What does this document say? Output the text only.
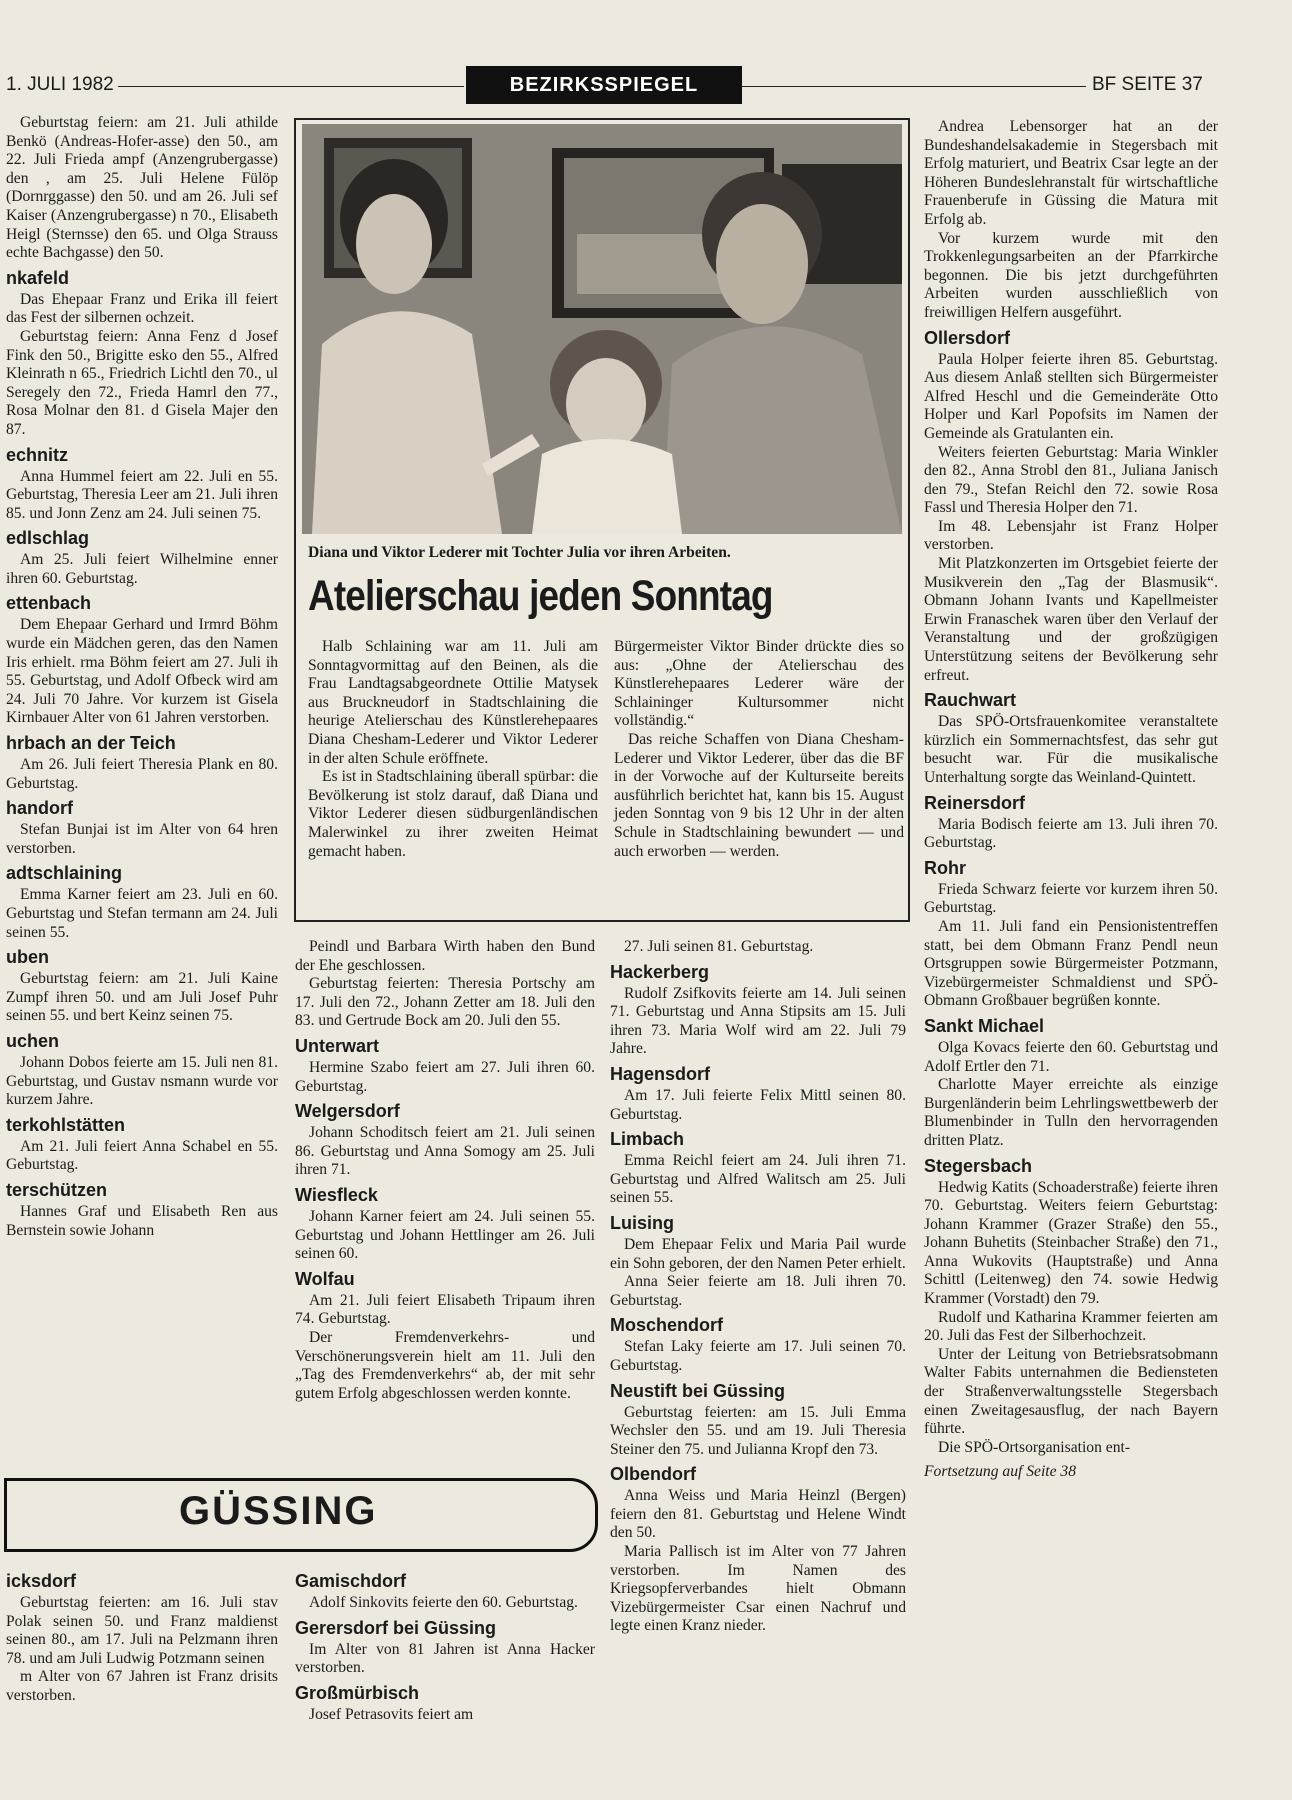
1. JULI 1982	BEZIRKSSPIEGEL	BF SEITE 37

Geburtstag feiern: am 21. Juli athilde Benkö (Andreas-Hofer-asse) den 50., am 22. Juli Frieda ampf (Anzengrubergasse) den , am 25. Juli Helene Fülöp (Dornrggasse) den 50. und am 26. Juli sef Kaiser (Anzengrubergasse) n 70., Elisabeth Heigl (Sternsse) den 65. und Olga Strauss echte Bachgasse) den 50.

nkafeld

Das Ehepaar Franz und Erika ill feiert das Fest der silbernen ochzeit.

Geburtstag feiern: Anna Fenz d Josef Fink den 50., Brigitte esko den 55., Alfred Kleinrath n 65., Friedrich Lichtl den 70., ul Seregely den 72., Frieda Hamrl den 77., Rosa Molnar den 81. d Gisela Majer den 87.

echnitz

Anna Hummel feiert am 22. Juli en 55. Geburtstag, Theresia Leer am 21. Juli ihren 85. und Jonn Zenz am 24. Juli seinen 75.

edlschlag

Am 25. Juli feiert Wilhelmine enner ihren 60. Geburtstag.

ettenbach

Dem Ehepaar Gerhard und Irmrd Böhm wurde ein Mädchen geren, das den Namen Iris erhielt. rma Böhm feiert am 27. Juli ih 55. Geburtstag, und Adolf Ofbeck wird am 24. Juli 70 Jahre. Vor kurzem ist Gisela Kirnbauer Alter von 61 Jahren verstorben.

hrbach an der Teich

Am 26. Juli feiert Theresia Plank en 80. Geburtstag.

handorf

Stefan Bunjai ist im Alter von 64 hren verstorben.

adtschlaining

Emma Karner feiert am 23. Juli en 60. Geburtstag und Stefan termann am 24. Juli seinen 55.

uben

Geburtstag feiern: am 21. Juli Kaine Zumpf ihren 50. und am Juli Josef Puhr seinen 55. und bert Keinz seinen 75.

uchen

Johann Dobos feierte am 15. Juli nen 81. Geburtstag, und Gustav nsmann wurde vor kurzem Jahre.

terkohlstätten

Am 21. Juli feiert Anna Schabel en 55. Geburtstag.

terschützen

Hannes Graf und Elisabeth Ren aus Bernstein sowie Johann

Diana und Viktor Lederer mit Tochter Julia vor ihren Arbeiten.
Atelierschau jeden Sonntag

Halb Schlaining war am 11. Juli am Sonntagvormittag auf den Beinen, als die Frau Landtagsabgeordnete Ottilie Matysek aus Bruckneudorf in Stadtschlaining die heurige Atelierschau des Künstlerehepaares Diana Chesham-Lederer und Viktor Lederer in der alten Schule eröffnete.

Es ist in Stadtschlaining überall spürbar: die Bevölkerung ist stolz darauf, daß Diana und Viktor Lederer diesen südburgenländischen Malerwinkel zu ihrer zweiten Heimat gemacht haben.

Bürgermeister Viktor Binder drückte dies so aus: „Ohne der Atelierschau des Künstlerehepaares Lederer wäre der Schlaininger Kultursommer nicht vollständig.“

Das reiche Schaffen von Diana Chesham-Lederer und Viktor Lederer, über das die BF in der Vorwoche auf der Kulturseite bereits ausführlich berichtet hat, kann bis 15. August jeden Sonntag von 9 bis 12 Uhr in der alten Schule in Stadtschlaining bewundert — und auch erworben — werden.

Peindl und Barbara Wirth haben den Bund der Ehe geschlossen.

Geburtstag feierten: Theresia Portschy am 17. Juli den 72., Johann Zetter am 18. Juli den 83. und Gertrude Bock am 20. Juli den 55.

Unterwart

Hermine Szabo feiert am 27. Juli ihren 60. Geburtstag.

Welgersdorf

Johann Schoditsch feiert am 21. Juli seinen 86. Geburtstag und Anna Somogy am 25. Juli ihren 71.

Wiesfleck

Johann Karner feiert am 24. Juli seinen 55. Geburtstag und Johann Hettlinger am 26. Juli seinen 60.

Wolfau

Am 21. Juli feiert Elisabeth Tripaum ihren 74. Geburtstag.

Der Fremdenverkehrs- und Verschönerungsverein hielt am 11. Juli den „Tag des Fremdenverkehrs“ ab, der mit sehr gutem Erfolg abgeschlossen werden konnte.

GÜSSING
icksdorf

Geburtstag feierten: am 16. Juli stav Polak seinen 50. und Franz maldienst seinen 80., am 17. Juli na Pelzmann ihren 78. und am Juli Ludwig Potzmann seinen

m Alter von 67 Jahren ist Franz drisits verstorben.

Gamischdorf

Adolf Sinkovits feierte den 60. Geburtstag.

Gerersdorf bei Güssing

Im Alter von 81 Jahren ist Anna Hacker verstorben.

Großmürbisch

Josef Petrasovits feiert am

27. Juli seinen 81. Geburtstag.

Hackerberg

Rudolf Zsifkovits feierte am 14. Juli seinen 71. Geburtstag und Anna Stipsits am 15. Juli ihren 73. Maria Wolf wird am 22. Juli 79 Jahre.

Hagensdorf

Am 17. Juli feierte Felix Mittl seinen 80. Geburtstag.

Limbach

Emma Reichl feiert am 24. Juli ihren 71. Geburtstag und Alfred Walitsch am 25. Juli seinen 55.

Luising

Dem Ehepaar Felix und Maria Pail wurde ein Sohn geboren, der den Namen Peter erhielt.

Anna Seier feierte am 18. Juli ihren 70. Geburtstag.

Moschendorf

Stefan Laky feierte am 17. Juli seinen 70. Geburtstag.

Neustift bei Güssing

Geburtstag feierten: am 15. Juli Emma Wechsler den 55. und am 19. Juli Theresia Steiner den 75. und Julianna Kropf den 73.

Olbendorf

Anna Weiss und Maria Heinzl (Bergen) feiern den 81. Geburtstag und Helene Windt den 50.

Maria Pallisch ist im Alter von 77 Jahren verstorben. Im Namen des Kriegsopferverbandes hielt Obmann Vizebürgermeister Csar einen Nachruf und legte einen Kranz nieder.

Andrea Lebensorger hat an der Bundeshandelsakademie in Stegersbach mit Erfolg maturiert, und Beatrix Csar legte an der Höheren Bundeslehranstalt für wirtschaftliche Frauenberufe in Güssing die Matura mit Erfolg ab.

Vor kurzem wurde mit den Trokkenlegungsarbeiten an der Pfarrkirche begonnen. Die bis jetzt durchgeführten Arbeiten wurden ausschließlich von freiwilligen Helfern ausgeführt.

Ollersdorf

Paula Holper feierte ihren 85. Geburtstag. Aus diesem Anlaß stellten sich Bürgermeister Alfred Heschl und die Gemeinderäte Otto Holper und Karl Popofsits im Namen der Gemeinde als Gratulanten ein.

Weiters feierten Geburtstag: Maria Winkler den 82., Anna Strobl den 81., Juliana Janisch den 79., Stefan Reichl den 72. sowie Rosa Fassl und Theresia Holper den 71.

Im 48. Lebensjahr ist Franz Holper verstorben.

Mit Platzkonzerten im Ortsgebiet feierte der Musikverein den „Tag der Blasmusik“. Obmann Johann Ivants und Kapellmeister Erwin Franaschek waren über den Verlauf der Veranstaltung und der großzügigen Unterstützung seitens der Bevölkerung sehr erfreut.

Rauchwart

Das SPÖ-Ortsfrauenkomitee veranstaltete kürzlich ein Sommernachtsfest, das sehr gut besucht war. Für die musikalische Unterhaltung sorgte das Weinland-Quintett.

Reinersdorf

Maria Bodisch feierte am 13. Juli ihren 70. Geburtstag.

Rohr

Frieda Schwarz feierte vor kurzem ihren 50. Geburtstag.

Am 11. Juli fand ein Pensionistentreffen statt, bei dem Obmann Franz Pendl neun Ortsgruppen sowie Bürgermeister Potzmann, Vizebürgermeister Schmaldienst und SPÖ-Obmann Großbauer begrüßen konnte.

Sankt Michael

Olga Kovacs feierte den 60. Geburtstag und Adolf Ertler den 71.

Charlotte Mayer erreichte als einzige Burgenländerin beim Lehrlingswettbewerb der Blumenbinder in Tulln den hervorragenden dritten Platz.

Stegersbach

Hedwig Katits (Schoaderstraße) feierte ihren 70. Geburtstag. Weiters feiern Geburtstag: Johann Krammer (Grazer Straße) den 55., Johann Buhetits (Steinbacher Straße) den 71., Anna Wukovits (Hauptstraße) und Anna Schittl (Leitenweg) den 74. sowie Hedwig Krammer (Vorstadt) den 79.

Rudolf und Katharina Krammer feierten am 20. Juli das Fest der Silberhochzeit.

Unter der Leitung von Betriebsratsobmann Walter Fabits unternahmen die Bediensteten der Straßenverwaltungsstelle Stegersbach einen Zweitagesausflug, der nach Bayern führte.

Die SPÖ-Ortsorganisation ent-

Fortsetzung auf Seite 38
